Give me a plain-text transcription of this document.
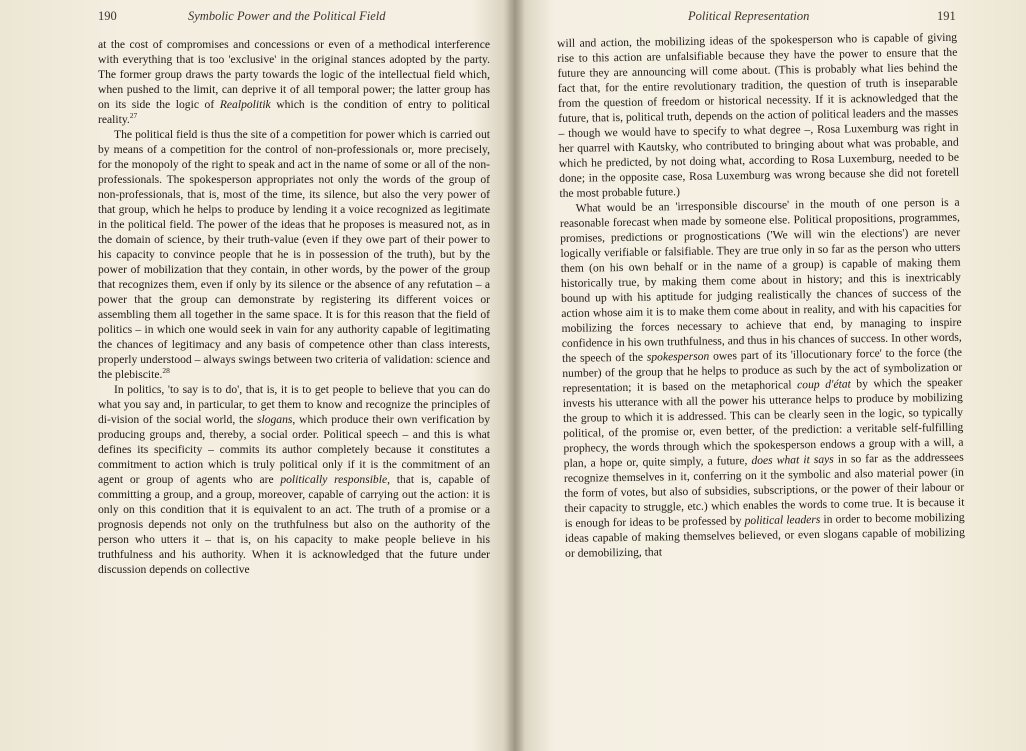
190	Symbolic Power and the Political Field

at the cost of compromises and concessions or even of a methodical interference with everything that is too 'exclusive' in the original stances adopted by the party. The former group draws the party towards the logic of the intellectual field which, when pushed to the limit, can deprive it of all temporal power; the latter group has on its side the logic of Realpolitik which is the condition of entry to political reality.$^{27}$

The political field is thus the site of a competition for power which is carried out by means of a competition for the control of non-professionals or, more precisely, for the monopoly of the right to speak and act in the name of some or all of the non-professionals. The spokesperson appropriates not only the words of the group of non-professionals, that is, most of the time, its silence, but also the very power of that group, which he helps to produce by lending it a voice recognized as legitimate in the political field. The power of the ideas that he proposes is measured not, as in the domain of science, by their truth-value (even if they owe part of their power to his capacity to convince people that he is in possession of the truth), but by the power of mobilization that they contain, in other words, by the power of the group that recognizes them, even if only by its silence or the absence of any refutation – a power that the group can demonstrate by registering its different voices or assembling them all together in the same space. It is for this reason that the field of politics – in which one would seek in vain for any authority capable of legitimating the chances of legitimacy and any basis of competence other than class interests, properly understood – always swings between two criteria of validation: science and the plebiscite.$^{28}$

In politics, 'to say is to do', that is, it is to get people to believe that you can do what you say and, in particular, to get them to know and recognize the principles of di-vision of the social world, the slogans, which produce their own verification by producing groups and, thereby, a social order. Political speech – and this is what defines its specificity – commits its author completely because it constitutes a commitment to action which is truly political only if it is the commitment of an agent or group of agents who are politically responsible, that is, capable of committing a group, and a group, moreover, capable of carrying out the action: it is only on this condition that it is equivalent to an act. The truth of a promise or a prognosis depends not only on the truthfulness but also on the authority of the person who utters it – that is, on his capacity to make people believe in his truthfulness and his authority. When it is acknowledged that the future under discussion depends on collective

Political Representation	191

will and action, the mobilizing ideas of the spokesperson who is capable of giving rise to this action are unfalsifiable because they have the power to ensure that the future they are announcing will come about. (This is probably what lies behind the fact that, for the entire revolutionary tradition, the question of truth is inseparable from the question of freedom or historical necessity. If it is acknowledged that the future, that is, political truth, depends on the action of political leaders and the masses – though we would have to specify to what degree –, Rosa Luxemburg was right in her quarrel with Kautsky, who contributed to bringing about what was probable, and which he predicted, by not doing what, according to Rosa Luxemburg, needed to be done; in the opposite case, Rosa Luxemburg was wrong because she did not foretell the most probable future.)

What would be an 'irresponsible discourse' in the mouth of one person is a reasonable forecast when made by someone else. Political propositions, programmes, promises, predictions or prognostications ('We will win the elections') are never logically verifiable or falsifiable. They are true only in so far as the person who utters them (on his own behalf or in the name of a group) is capable of making them historically true, by making them come about in history; and this is inextricably bound up with his aptitude for judging realistically the chances of success of the action whose aim it is to make them come about in reality, and with his capacities for mobilizing the forces necessary to achieve that end, by managing to inspire confidence in his own truthfulness, and thus in his chances of success. In other words, the speech of the spokesperson owes part of its 'illocutionary force' to the force (the number) of the group that he helps to produce as such by the act of symbolization or representation; it is based on the metaphorical coup d'état by which the speaker invests his utterance with all the power his utterance helps to produce by mobilizing the group to which it is addressed. This can be clearly seen in the logic, so typically political, of the promise or, even better, of the prediction: a veritable self-fulfilling prophecy, the words through which the spokesperson endows a group with a will, a plan, a hope or, quite simply, a future, does what it says in so far as the addressees recognize themselves in it, conferring on it the symbolic and also material power (in the form of votes, but also of subsidies, subscriptions, or the power of their labour or their capacity to struggle, etc.) which enables the words to come true. It is because it is enough for ideas to be professed by political leaders in order to become mobilizing ideas capable of making themselves believed, or even slogans capable of mobilizing or demobilizing, that
